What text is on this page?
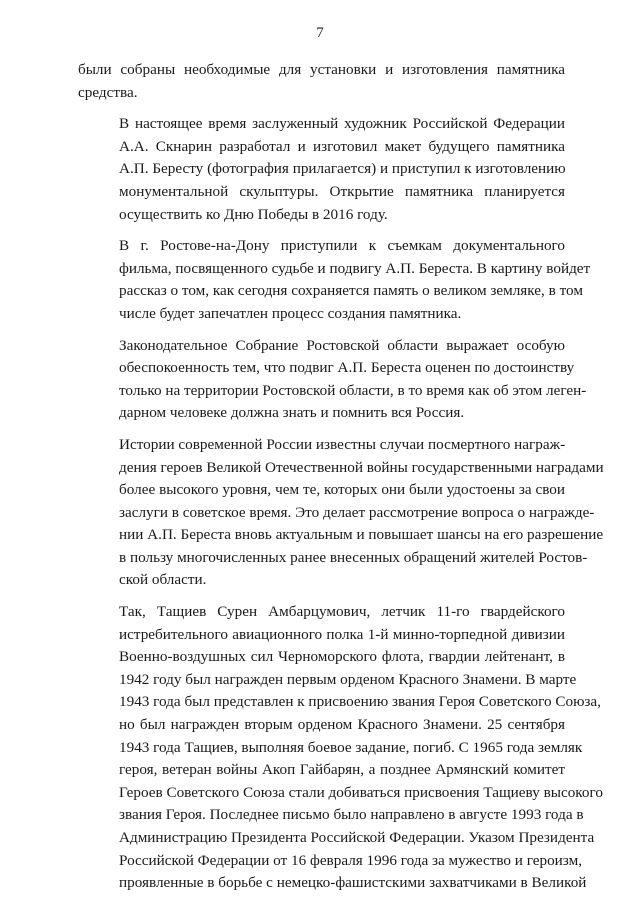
7

были собраны необходимые для установки и изготовления памятника
средства.

В настоящее время заслуженный художник Российской Федерации
А.А. Скнарин разработал и изготовил макет будущего памятника
А.П. Бересту (фотография прилагается) и приступил к изготовлению
монументальной скульптуры. Открытие памятника планируется
осуществить ко Дню Победы в 2016 году.

В г. Ростове-на-Дону приступили к съемкам документального
фильма, посвященного судьбе и подвигу А.П. Береста. В картину войдет
рассказ о том, как сегодня сохраняется память о великом земляке, в том
числе будет запечатлен процесс создания памятника.

Законодательное Собрание Ростовской области выражает особую
обеспокоенность тем, что подвиг А.П. Береста оценен по достоинству
только на территории Ростовской области, в то время как об этом леген-
дарном человеке должна знать и помнить вся Россия.

Истории современной России известны случаи посмертного награж-
дения героев Великой Отечественной войны государственными наградами
более высокого уровня, чем те, которых они были удостоены за свои
заслуги в советское время. Это делает рассмотрение вопроса о награжде-
нии А.П. Береста вновь актуальным и повышает шансы на его разрешение
в пользу многочисленных ранее внесенных обращений жителей Ростов-
ской области.

Так, Тащиев Сурен Амбарцумович, летчик 11-го гвардейского
истребительного авиационного полка 1-й минно-торпедной дивизии
Военно-воздушных сил Черноморского флота, гвардии лейтенант, в
1942 году был награжден первым орденом Красного Знамени. В марте
1943 года был представлен к присвоению звания Героя Советского Союза,
но был награжден вторым орденом Красного Знамени. 25 сентября
1943 года Тащиев, выполняя боевое задание, погиб. С 1965 года земляк
героя, ветеран войны Акоп Гайбарян, а позднее Армянский комитет
Героев Советского Союза стали добиваться присвоения Тащиеву высокого
звания Героя. Последнее письмо было направлено в августе 1993 года в
Администрацию Президента Российской Федерации. Указом Президента
Российской Федерации от 16 февраля 1996 года за мужество и героизм,
проявленные в борьбе с немецко-фашистскими захватчиками в Великой
